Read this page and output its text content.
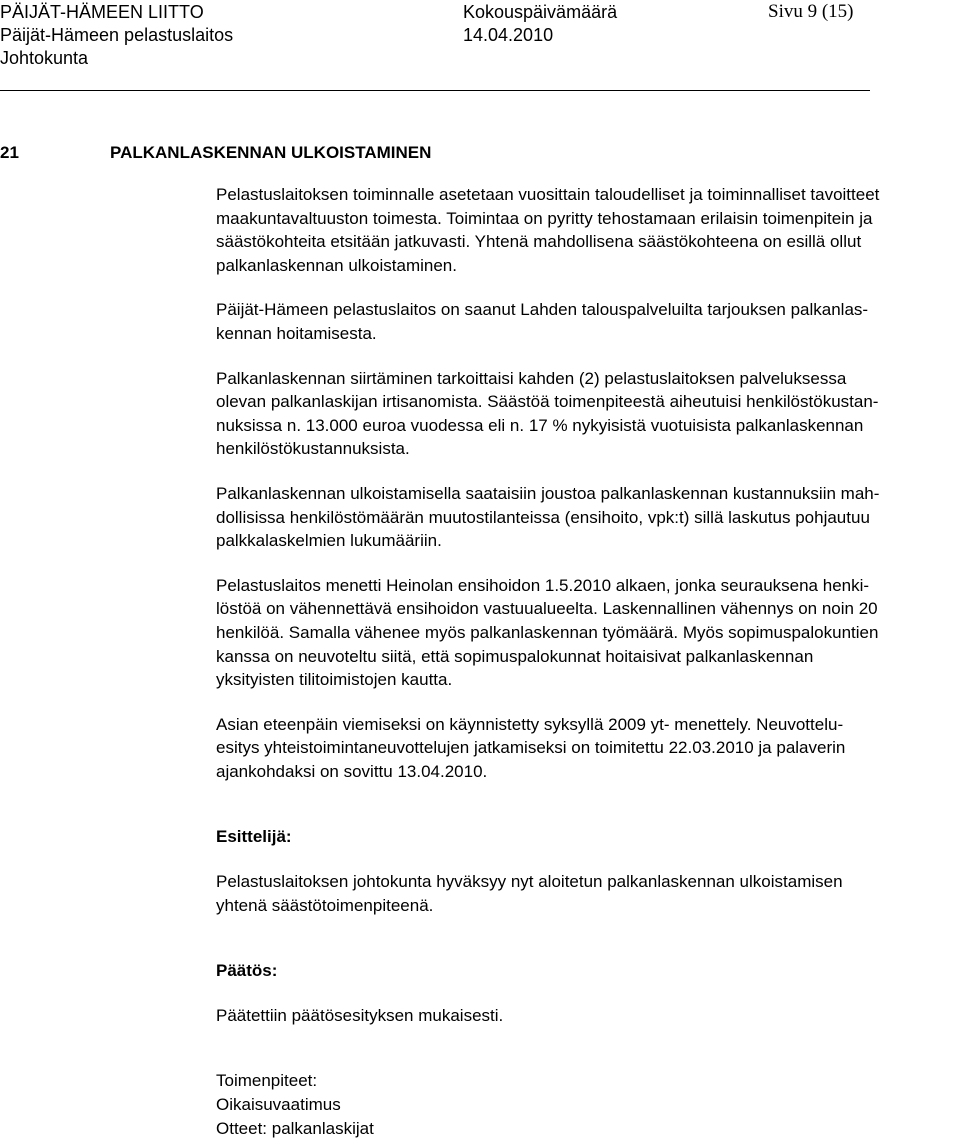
PÄIJÄT-HÄMEEN LIITTO
Päijät-Hämeen pelastuslaitos
Johtokunta
Kokouspäivämäärä
14.04.2010
Sivu 9 (15)
21	PALKANLASKENNAN ULKOISTAMINEN

Pelastuslaitoksen toiminnalle asetetaan vuosittain taloudelliset ja toiminnalliset tavoitteet
maakuntavaltuuston toimesta. Toimintaa on pyritty tehostamaan erilaisin toimenpitein ja
säästökohteita etsitään jatkuvasti. Yhtenä mahdollisena säästökohteena on esillä ollut
palkanlaskennan ulkoistaminen.

Päijät-Hämeen pelastuslaitos on saanut Lahden talouspalveluilta tarjouksen palkanlas-
kennan hoitamisesta.

Palkanlaskennan siirtäminen tarkoittaisi kahden (2) pelastuslaitoksen palveluksessa
olevan palkanlaskijan irtisanomista. Säästöä toimenpiteestä aiheutuisi henkilöstökustan-
nuksissa n. 13.000 euroa vuodessa eli n. 17 % nykyisistä vuotuisista palkanlaskennan
henkilöstökustannuksista.

Palkanlaskennan ulkoistamisella saataisiin joustoa palkanlaskennan kustannuksiin mah-
dollisissa henkilöstömäärän muutostilanteissa (ensihoito, vpk:t) sillä laskutus pohjautuu
palkkalaskelmien lukumääriin.

Pelastuslaitos menetti Heinolan ensihoidon 1.5.2010 alkaen, jonka seurauksena henki-
löstöä on vähennettävä ensihoidon vastuualueelta. Laskennallinen vähennys on noin 20
henkilöä. Samalla vähenee myös palkanlaskennan työmäärä. Myös sopimuspalokuntien
kanssa on neuvoteltu siitä, että sopimuspalokunnat hoitaisivat palkanlaskennan
yksityisten tilitoimistojen kautta.

Asian eteenpäin viemiseksi on käynnistetty syksyllä 2009 yt- menettely. Neuvottelu-
esitys yhteistoimintaneuvottelujen jatkamiseksi on toimitettu 22.03.2010 ja palaverin
ajankohdaksi on sovittu 13.04.2010.

Esittelijä:

Pelastuslaitoksen johtokunta hyväksyy nyt aloitetun palkanlaskennan ulkoistamisen
yhtenä säästötoimenpiteenä.

Päätös:

Päätettiin päätösesityksen mukaisesti.

Toimenpiteet:
Oikaisuvaatimus
Otteet: palkanlaskijat
